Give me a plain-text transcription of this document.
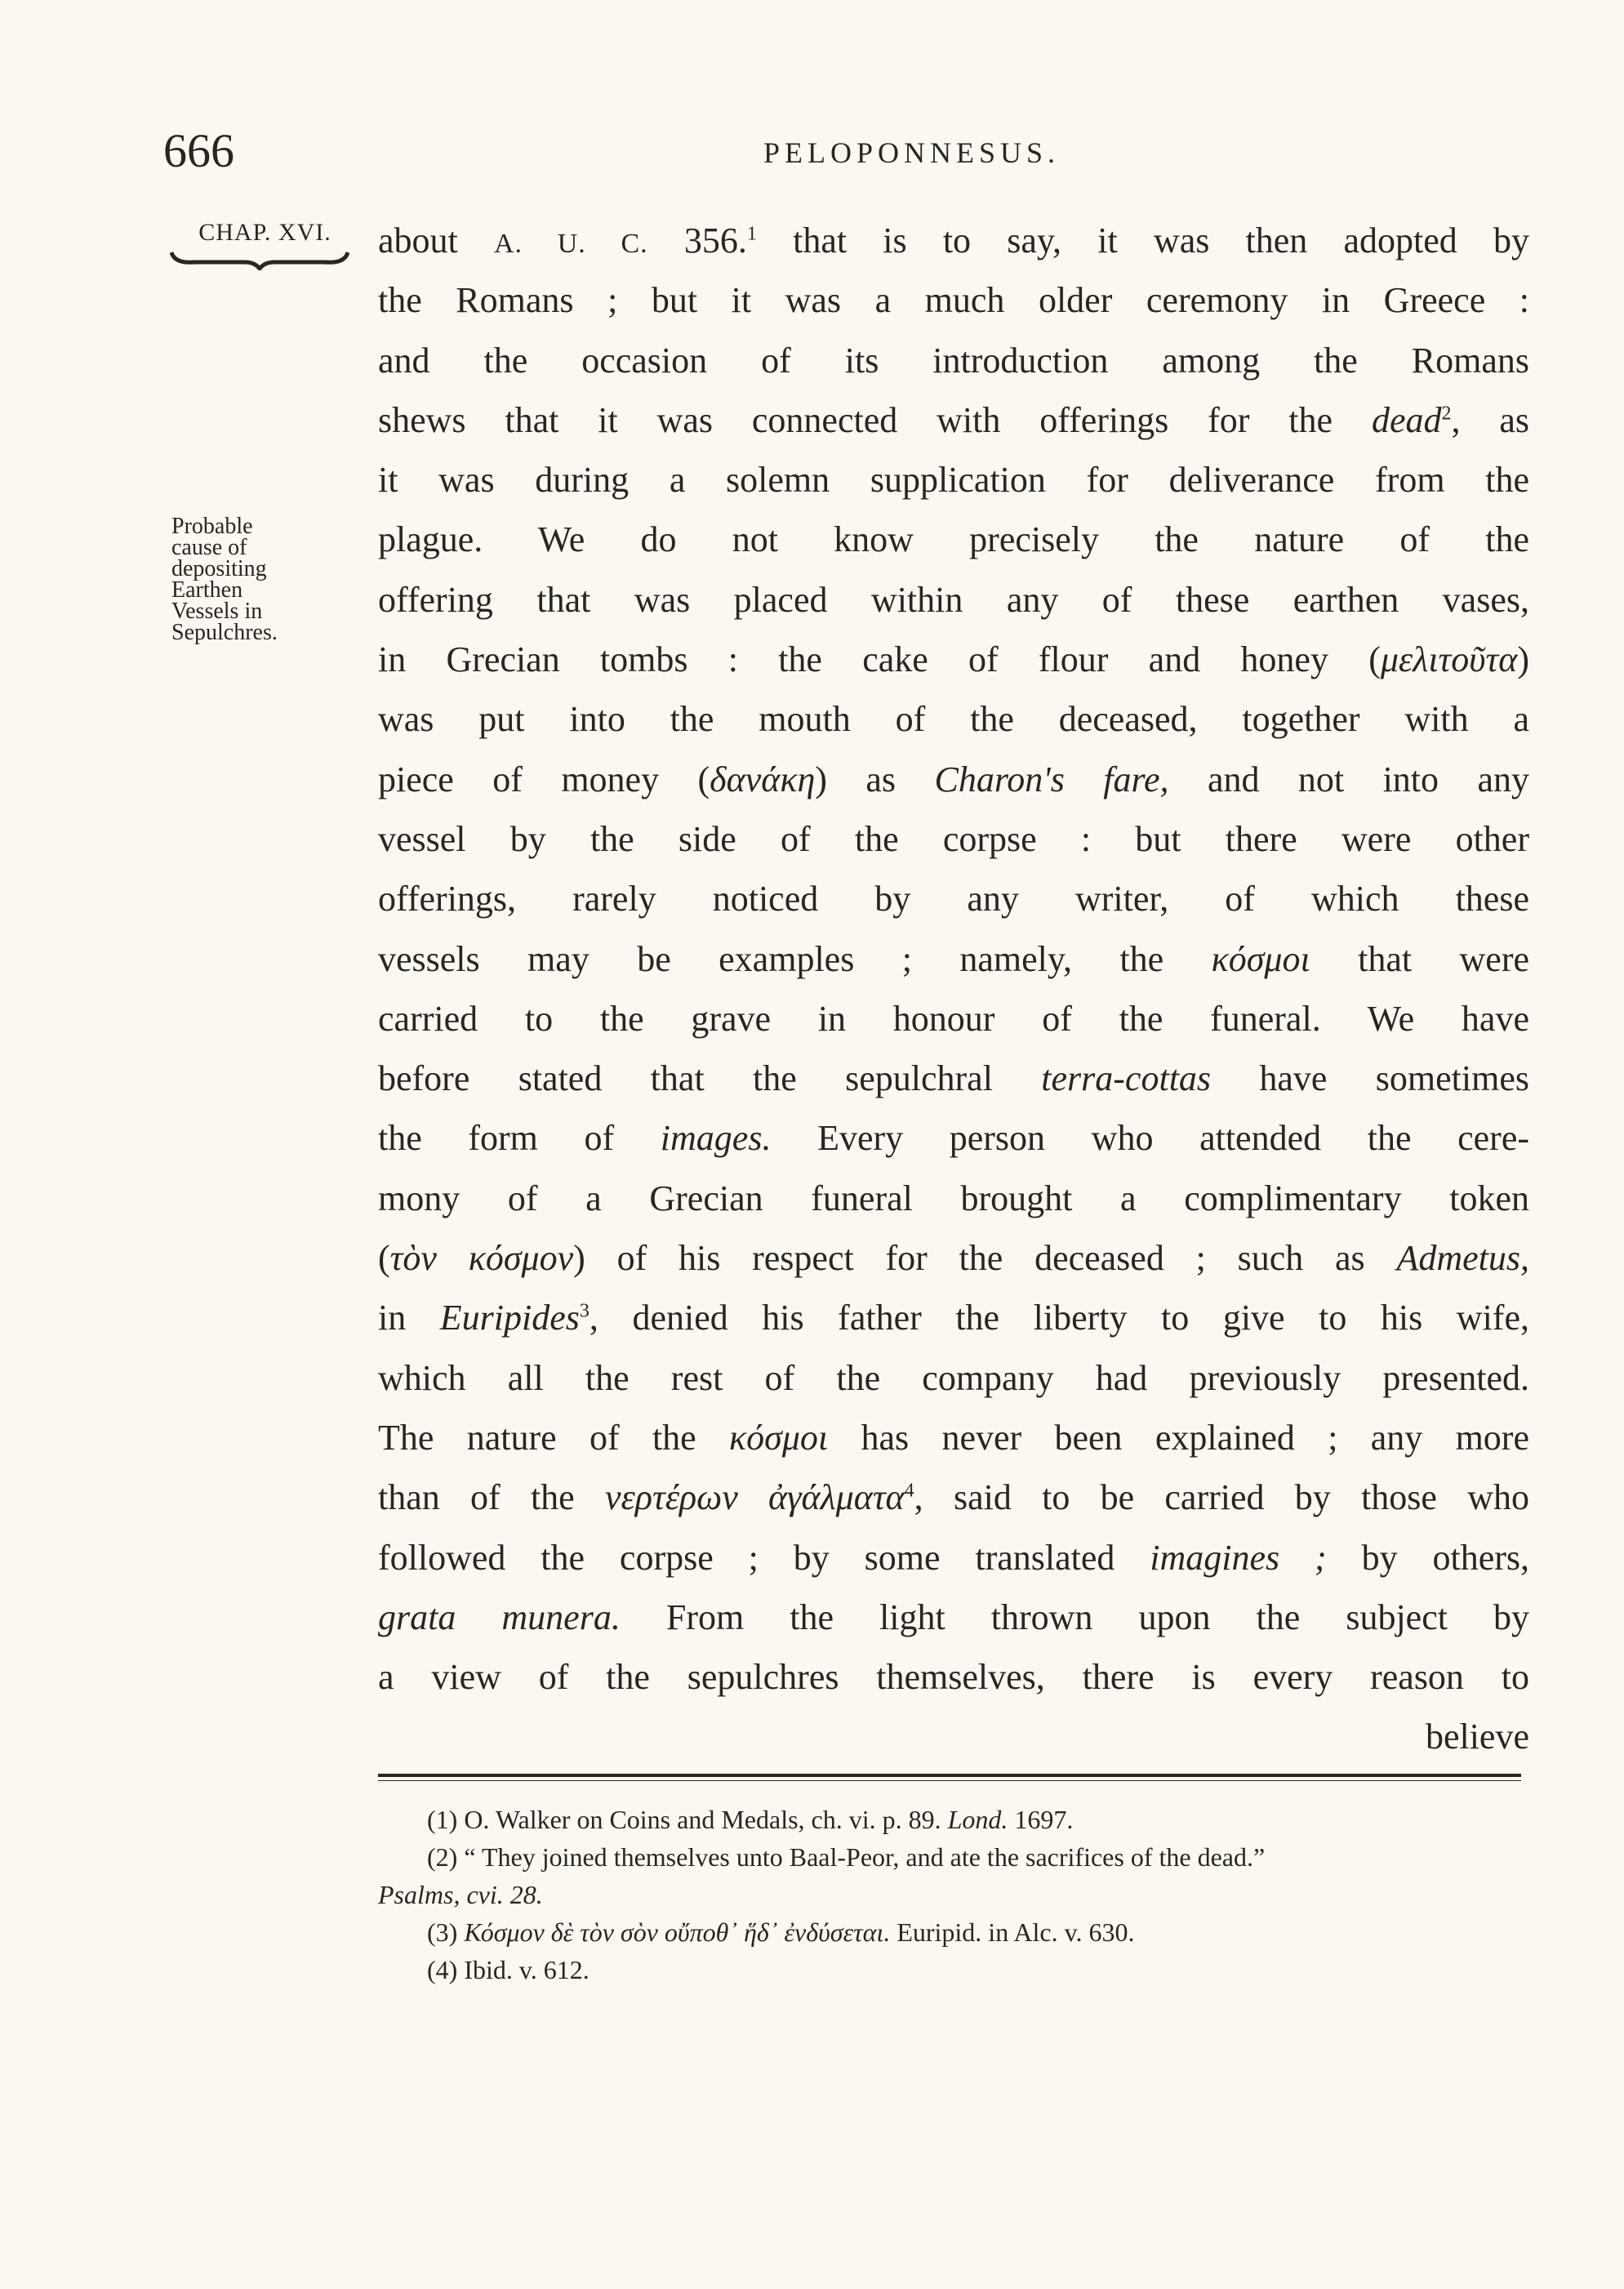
666	PELOPONNESUS.
CHAP. XVI.
Probable
cause of
depositing
Earthen
Vessels in
Sepulchres.
about A. U. C. 356.$^1$ that is to say, it was then adopted by
the Romans ; but it was a much older ceremony in Greece :
and the occasion of its introduction among the Romans
shews that it was connected with offerings for the dead$^2$, as
it was during a solemn supplication for deliverance from the
plague. We do not know precisely the nature of the
offering that was placed within any of these earthen vases,
in Grecian tombs : the cake of flour and honey (μελιτοῦτα)
was put into the mouth of the deceased, together with a
piece of money (δανάκη) as Charon's fare, and not into any
vessel by the side of the corpse : but there were other
offerings, rarely noticed by any writer, of which these
vessels may be examples ; namely, the κόσμοι that were
carried to the grave in honour of the funeral. We have
before stated that the sepulchral terra-cottas have sometimes
the form of images. Every person who attended the cere-
mony of a Grecian funeral brought a complimentary token
(τὸν κόσμον) of his respect for the deceased ; such as Admetus,
in Euripides$^3$, denied his father the liberty to give to his wife,
which all the rest of the company had previously presented.
The nature of the κόσμοι has never been explained ; any more
than of the νερτέρων ἀγάλματα$^4$, said to be carried by those who
followed the corpse ; by some translated imagines ; by others,
grata munera. From the light thrown upon the subject by
a view of the sepulchres themselves, there is every reason to
believe
(1) O. Walker on Coins and Medals, ch. vi. p. 89. Lond. 1697.
(2) “ They joined themselves unto Baal-Peor, and ate the sacrifices of the dead.”
Psalms, cvi. 28.
(3) Κόσμον δὲ τὸν σὸν οὔποθ᾽ ἥδ᾽ ἐνδύσεται. Euripid. in Alc. v. 630.
(4) Ibid. v. 612.
